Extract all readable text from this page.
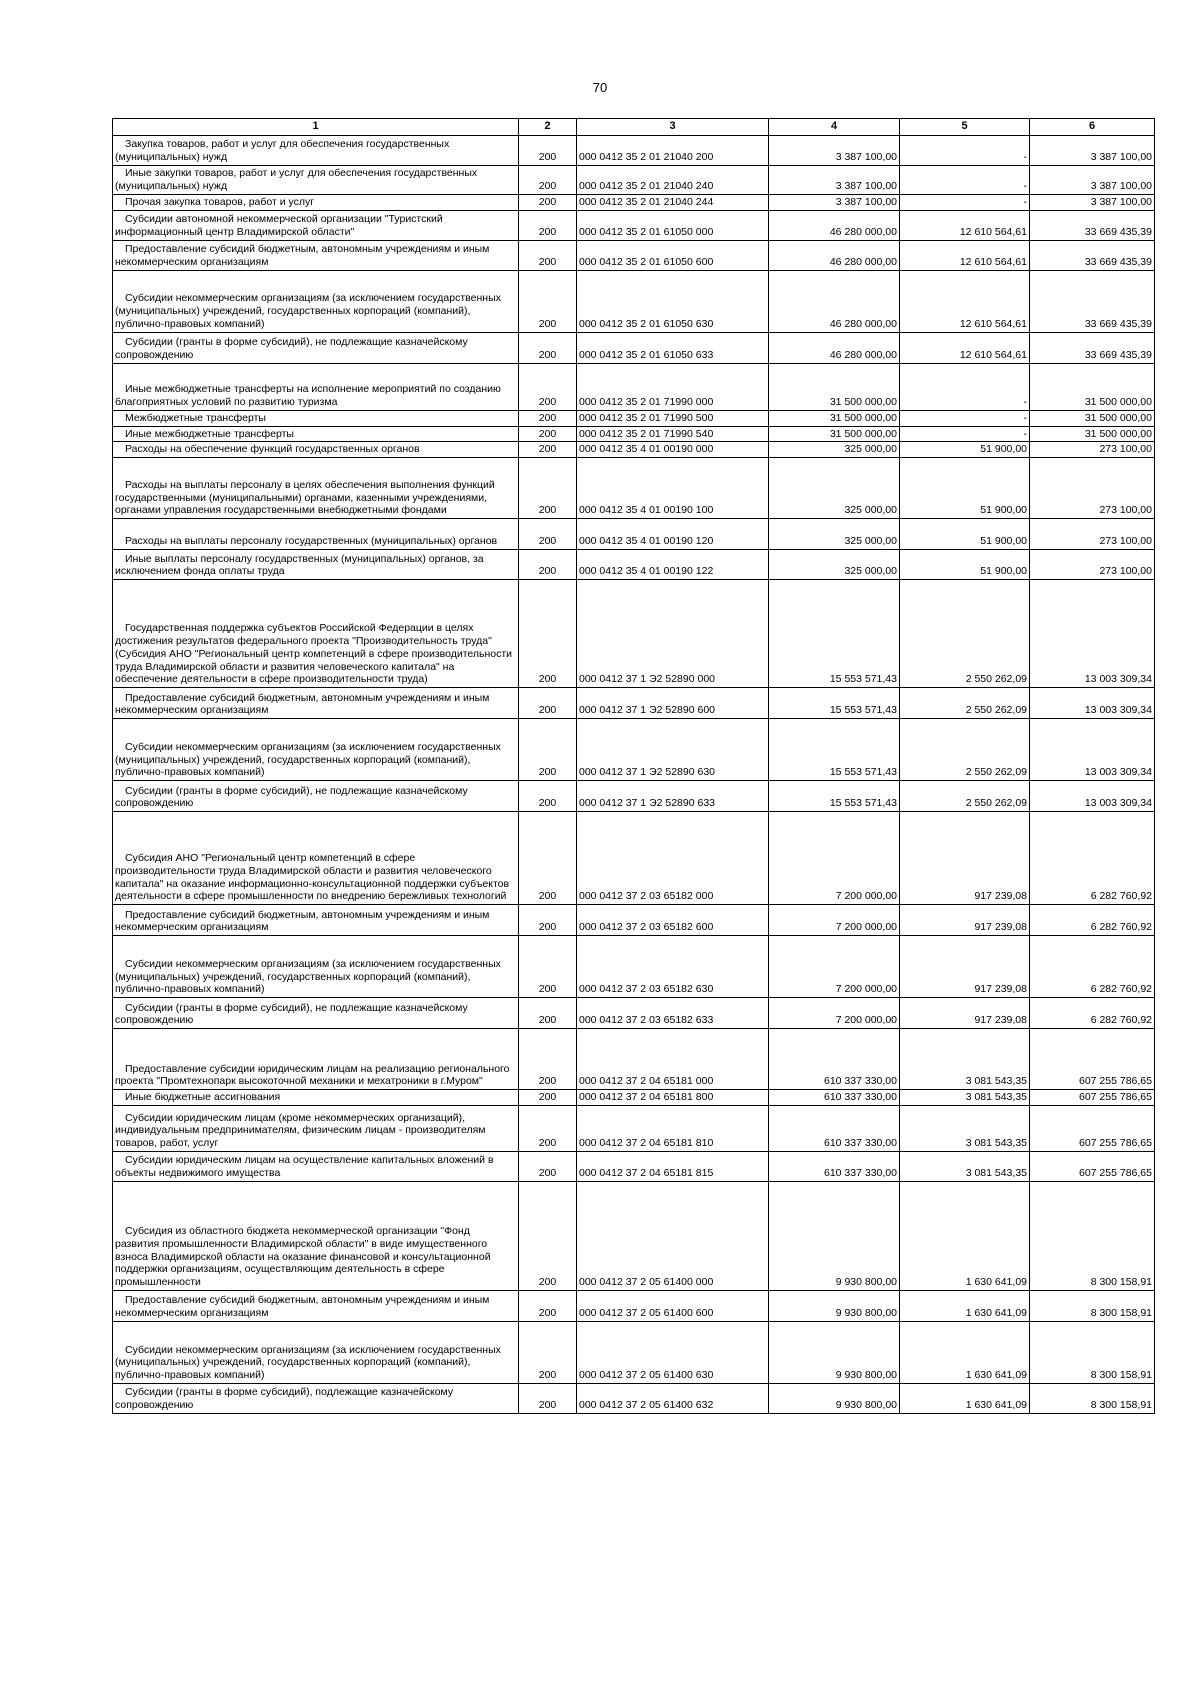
70
1	2	3	4	5	6
Закупка товаров, работ и услуг для обеспечения государственных (муниципальных) нужд	200	000 0412 35 2 01 21040 200	3 387 100,00	-	3 387 100,00
Иные закупки товаров, работ и услуг для обеспечения государственных (муниципальных) нужд	200	000 0412 35 2 01 21040 240	3 387 100,00	-	3 387 100,00
Прочая закупка товаров, работ и услуг	200	000 0412 35 2 01 21040 244	3 387 100,00	-	3 387 100,00
Субсидии автономной некоммерческой организации "Туристский информационный центр Владимирской области"	200	000 0412 35 2 01 61050 000	46 280 000,00	12 610 564,61	33 669 435,39
Предоставление субсидий бюджетным, автономным учреждениям и иным некоммерческим организациям	200	000 0412 35 2 01 61050 600	46 280 000,00	12 610 564,61	33 669 435,39
Субсидии некоммерческим организациям (за исключением государственных (муниципальных) учреждений, государственных корпораций (компаний), публично-правовых компаний)	200	000 0412 35 2 01 61050 630	46 280 000,00	12 610 564,61	33 669 435,39
Субсидии (гранты в форме субсидий), не подлежащие казначейскому сопровождению	200	000 0412 35 2 01 61050 633	46 280 000,00	12 610 564,61	33 669 435,39
Иные межбюджетные трансферты на исполнение мероприятий по созданию благоприятных условий по развитию туризма	200	000 0412 35 2 01 71990 000	31 500 000,00	-	31 500 000,00
Межбюджетные трансферты	200	000 0412 35 2 01 71990 500	31 500 000,00	-	31 500 000,00
Иные межбюджетные трансферты	200	000 0412 35 2 01 71990 540	31 500 000,00	-	31 500 000,00
Расходы на обеспечение функций государственных органов	200	000 0412 35 4 01 00190 000	325 000,00	51 900,00	273 100,00
Расходы на выплаты персоналу в целях обеспечения выполнения функций государственными (муниципальными) органами, казенными учреждениями, органами управления государственными внебюджетными фондами	200	000 0412 35 4 01 00190 100	325 000,00	51 900,00	273 100,00
Расходы на выплаты персоналу государственных (муниципальных) органов	200	000 0412 35 4 01 00190 120	325 000,00	51 900,00	273 100,00
Иные выплаты персоналу государственных (муниципальных) органов, за исключением фонда оплаты труда	200	000 0412 35 4 01 00190 122	325 000,00	51 900,00	273 100,00
Государственная поддержка субъектов Российской Федерации в целях достижения результатов федерального проекта "Производительность труда" (Субсидия АНО "Региональный центр компетенций в сфере производительности труда Владимирской области и развития человеческого капитала" на обеспечение деятельности в сфере производительности труда)	200	000 0412 37 1 Э2 52890 000	15 553 571,43	2 550 262,09	13 003 309,34
Предоставление субсидий бюджетным, автономным учреждениям и иным некоммерческим организациям	200	000 0412 37 1 Э2 52890 600	15 553 571,43	2 550 262,09	13 003 309,34
Субсидии некоммерческим организациям (за исключением государственных (муниципальных) учреждений, государственных корпораций (компаний), публично-правовых компаний)	200	000 0412 37 1 Э2 52890 630	15 553 571,43	2 550 262,09	13 003 309,34
Субсидии (гранты в форме субсидий), не подлежащие казначейскому сопровождению	200	000 0412 37 1 Э2 52890 633	15 553 571,43	2 550 262,09	13 003 309,34
Субсидия АНО "Региональный центр компетенций в сфере производительности труда Владимирской области и развития человеческого капитала" на оказание информационно-консультационной поддержки субъектов деятельности в сфере промышленности по внедрению бережливых технологий	200	000 0412 37 2 03 65182 000	7 200 000,00	917 239,08	6 282 760,92
Предоставление субсидий бюджетным, автономным учреждениям и иным некоммерческим организациям	200	000 0412 37 2 03 65182 600	7 200 000,00	917 239,08	6 282 760,92
Субсидии некоммерческим организациям (за исключением государственных (муниципальных) учреждений, государственных корпораций (компаний), публично-правовых компаний)	200	000 0412 37 2 03 65182 630	7 200 000,00	917 239,08	6 282 760,92
Субсидии (гранты в форме субсидий), не подлежащие казначейскому сопровождению	200	000 0412 37 2 03 65182 633	7 200 000,00	917 239,08	6 282 760,92
Предоставление субсидии юридическим лицам на реализацию регионального проекта "Промтехнопарк высокоточной механики и мехатроники в г.Муром"	200	000 0412 37 2 04 65181 000	610 337 330,00	3 081 543,35	607 255 786,65
Иные бюджетные ассигнования	200	000 0412 37 2 04 65181 800	610 337 330,00	3 081 543,35	607 255 786,65
Субсидии юридическим лицам (кроме некоммерческих организаций), индивидуальным предпринимателям, физическим лицам - производителям товаров, работ, услуг	200	000 0412 37 2 04 65181 810	610 337 330,00	3 081 543,35	607 255 786,65
Субсидии юридическим лицам на осуществление капитальных вложений в объекты недвижимого имущества	200	000 0412 37 2 04 65181 815	610 337 330,00	3 081 543,35	607 255 786,65
Субсидия из областного бюджета некоммерческой организации "Фонд развития промышленности Владимирской области" в виде имущественного взноса Владимирской области на оказание финансовой и консультационной поддержки организациям, осуществляющим деятельность в сфере промышленности	200	000 0412 37 2 05 61400 000	9 930 800,00	1 630 641,09	8 300 158,91
Предоставление субсидий бюджетным, автономным учреждениям и иным некоммерческим организациям	200	000 0412 37 2 05 61400 600	9 930 800,00	1 630 641,09	8 300 158,91
Субсидии некоммерческим организациям (за исключением государственных (муниципальных) учреждений, государственных корпораций (компаний), публично-правовых компаний)	200	000 0412 37 2 05 61400 630	9 930 800,00	1 630 641,09	8 300 158,91
Субсидии (гранты в форме субсидий), подлежащие казначейскому сопровождению	200	000 0412 37 2 05 61400 632	9 930 800,00	1 630 641,09	8 300 158,91
